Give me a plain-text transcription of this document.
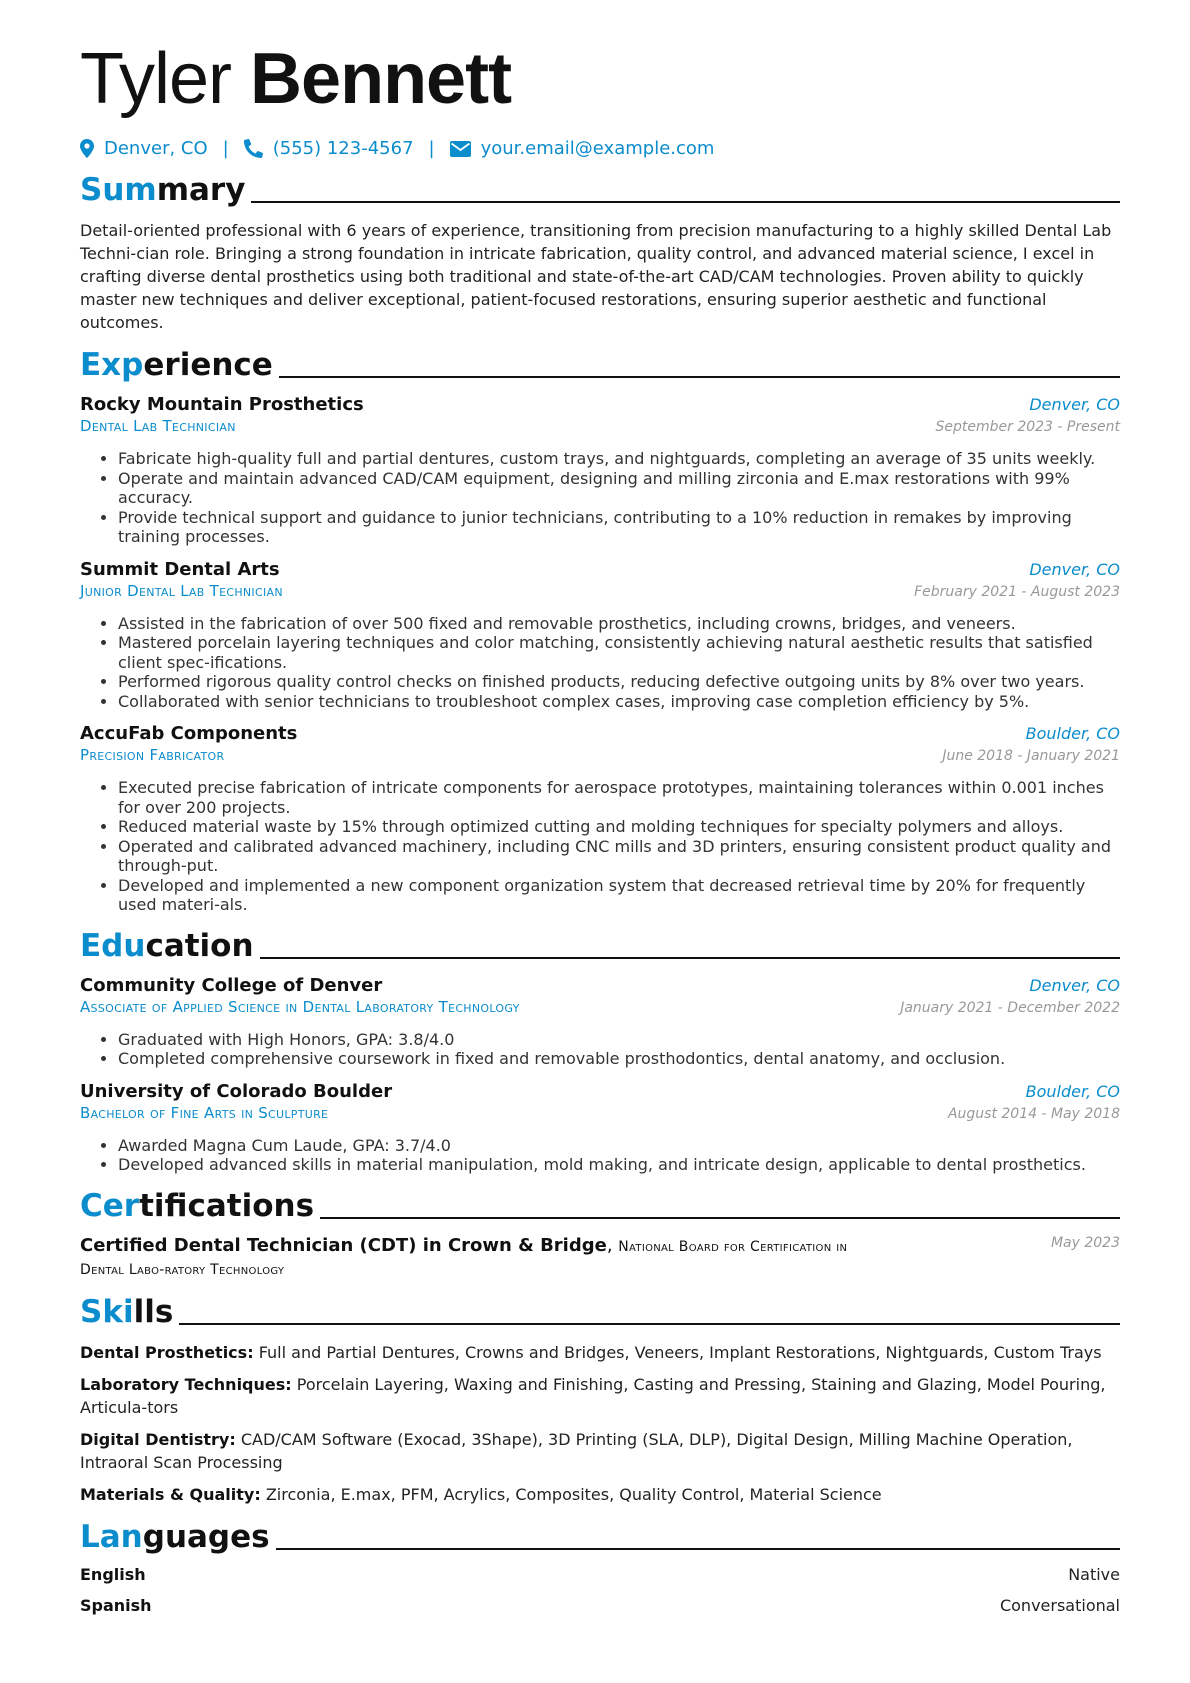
Tyler Bennett
Denver, CO | (555) 123-4567 |	your.email@example.com
Summary

Detail-oriented professional with 6 years of experience, transitioning from precision manufacturing to a highly skilled Dental Lab Techni-cian role. Bringing a strong foundation in intricate fabrication, quality control, and advanced material science, I excel in crafting diverse dental prosthetics using both traditional and state-of-the-art CAD/CAM technologies. Proven ability to quickly master new techniques and deliver exceptional, patient-focused restorations, ensuring superior aesthetic and functional outcomes.

Experience
Rocky Mountain Prosthetics	Denver, CO
Dental Lab Technician	September 2023 - Present
• Fabricate high-quality full and partial dentures, custom trays, and nightguards, completing an average of 35 units weekly.
• Operate and maintain advanced CAD/CAM equipment, designing and milling zirconia and E.max restorations with 99% accuracy.
• Provide technical support and guidance to junior technicians, contributing to a 10% reduction in remakes by improving training processes.
Summit Dental Arts	Denver, CO
Junior Dental Lab Technician	February 2021 - August 2023
• Assisted in the fabrication of over 500 fixed and removable prosthetics, including crowns, bridges, and veneers.
• Mastered porcelain layering techniques and color matching, consistently achieving natural aesthetic results that satisfied client spec-ifications.
• Performed rigorous quality control checks on finished products, reducing defective outgoing units by 8% over two years.
• Collaborated with senior technicians to troubleshoot complex cases, improving case completion efficiency by 5%.
AccuFab Components	Boulder, CO
Precision Fabricator	June 2018 - January 2021
• Executed precise fabrication of intricate components for aerospace prototypes, maintaining tolerances within 0.001 inches for over 200 projects.
• Reduced material waste by 15% through optimized cutting and molding techniques for specialty polymers and alloys.
• Operated and calibrated advanced machinery, including CNC mills and 3D printers, ensuring consistent product quality and through-put.
• Developed and implemented a new component organization system that decreased retrieval time by 20% for frequently used materi-als.
Education
Community College of Denver	Denver, CO
Associate of Applied Science in Dental Laboratory Technology	January 2021 - December 2022
• Graduated with High Honors, GPA: 3.8/4.0
• Completed comprehensive coursework in fixed and removable prosthodontics, dental anatomy, and occlusion.
University of Colorado Boulder	Boulder, CO
Bachelor of Fine Arts in Sculpture	August 2014 - May 2018
• Awarded Magna Cum Laude, GPA: 3.7/4.0
• Developed advanced skills in material manipulation, mold making, and intricate design, applicable to dental prosthetics.
Certifications
Certified Dental Technician (CDT) in Crown & Bridge, National Board for Certification in Dental Labo-ratory Technology
May 2023
Skills
Dental Prosthetics: Full and Partial Dentures, Crowns and Bridges, Veneers, Implant Restorations, Nightguards, Custom Trays
Laboratory Techniques: Porcelain Layering, Waxing and Finishing, Casting and Pressing, Staining and Glazing, Model Pouring, Articula-tors
Digital Dentistry: CAD/CAM Software (Exocad, 3Shape), 3D Printing (SLA, DLP), Digital Design, Milling Machine Operation, Intraoral Scan Processing
Materials & Quality: Zirconia, E.max, PFM, Acrylics, Composites, Quality Control, Material Science
Languages
English	Native
Spanish	Conversational
